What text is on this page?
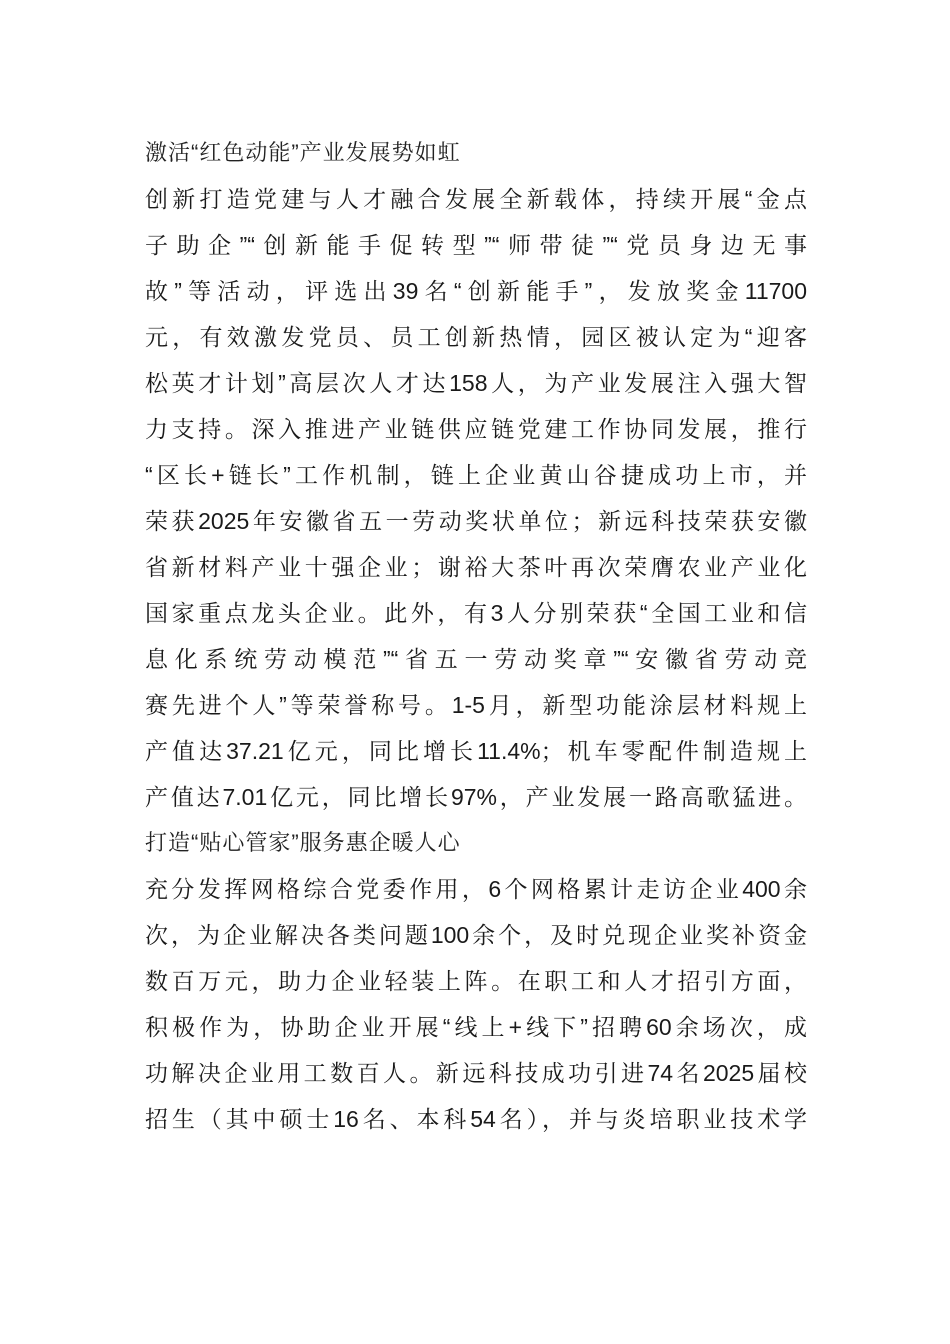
激活“红色动能”产业发展势如虹
创新打造党建与人才融合发展全新载体，持续开展“金点
子助企”“创新能手促转型”“师带徒”“党员身边无事
故”等活动，评选出39名“创新能手”，发放奖金11700
元，有效激发党员、员工创新热情，园区被认定为“迎客
松英才计划”高层次人才达158人，为产业发展注入强大智
力支持。深入推进产业链供应链党建工作协同发展，推行
“区长+链长”工作机制，链上企业黄山谷捷成功上市，并
荣获2025年安徽省五一劳动奖状单位；新远科技荣获安徽
省新材料产业十强企业；谢裕大茶叶再次荣膺农业产业化
国家重点龙头企业。此外，有3人分别荣获“全国工业和信
息化系统劳动模范”“省五一劳动奖章”“安徽省劳动竞
赛先进个人”等荣誉称号。1-5月，新型功能涂层材料规上
产值达37.21亿元，同比增长11.4%；机车零配件制造规上
产值达7.01亿元，同比增长97%，产业发展一路高歌猛进。
打造“贴心管家”服务惠企暖人心
充分发挥网格综合党委作用，6个网格累计走访企业400余
次，为企业解决各类问题100余个，及时兑现企业奖补资金
数百万元，助力企业轻装上阵。在职工和人才招引方面，
积极作为，协助企业开展“线上+线下”招聘60余场次，成
功解决企业用工数百人。新远科技成功引进74名2025届校
招生（其中硕士16名、本科54名），并与炎培职业技术学
